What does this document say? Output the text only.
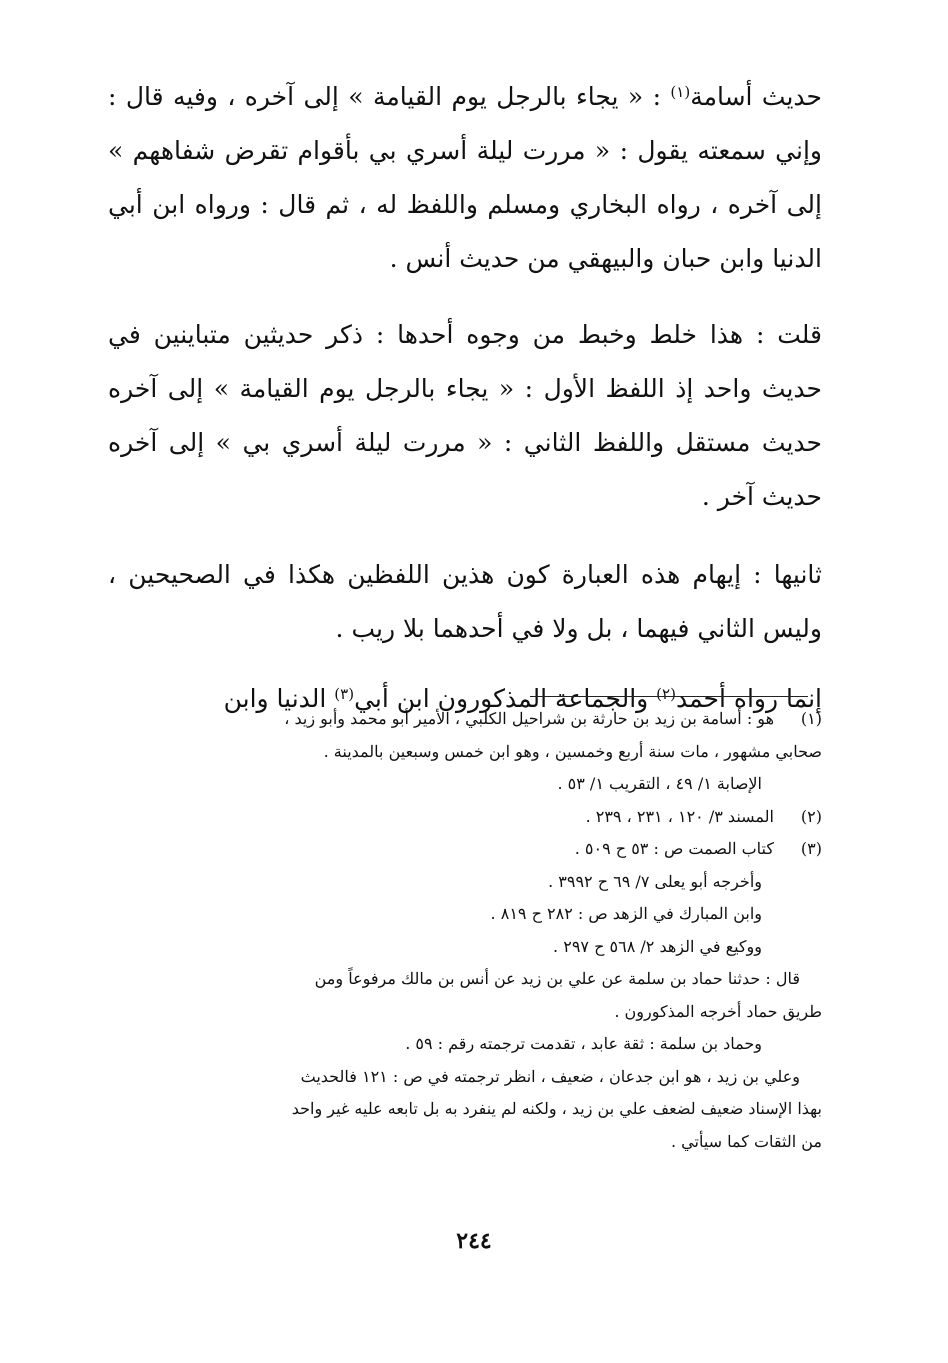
حديث أسامة$^{(١)}$ : « يجاء بالرجل يوم القيامة » إلى آخره ، وفيه قال : وإني سمعته يقول : « مررت ليلة أسري بي بأقوام تقرض شفاههم » إلى آخره ، رواه البخاري ومسلم واللفظ له ، ثم قال : ورواه ابن أبي الدنيا وابن حبان والبيهقي من حديث أنس .

قلت : هذا خلط وخبط من وجوه أحدها : ذكر حديثين متباينين في حديث واحد إذ اللفظ الأول : « يجاء بالرجل يوم القيامة » إلى آخره حديث مستقل واللفظ الثاني : « مررت ليلة أسري بي » إلى آخره حديث آخر .

ثانيها : إيهام هذه العبارة كون هذين اللفظين هكذا في الصحيحين ، وليس الثاني فيهما ، بل ولا في أحدهما بلا ريب .

إنما رواه أحمد$^{(٢)}$ والجماعة المذكورون ابن أبي$^{(٣)}$ الدنيا وابن

(١)
هو : أسامة بن زيد بن حارثة بن شراحيل الكلبي ، الأمير أبو محمد وأبو زيد ،
صحابي مشهور ، مات سنة أربع وخمسين ، وهو ابن خمس وسبعين بالمدينة .
الإصابة ١/ ٤٩ ، التقريب ١/ ٥٣ .
(٢)
المسند ٣/ ١٢٠ ، ٢٣١ ، ٢٣٩ .
(٣)
كتاب الصمت ص : ٥٣ ح ٥٠٩ .
وأخرجه أبو يعلى ٧/ ٦٩ ح ٣٩٩٢ .
وابن المبارك في الزهد ص : ٢٨٢ ح ٨١٩ .
ووكيع في الزهد ٢/ ٥٦٨ ح ٢٩٧ .
قال : حدثنا حماد بن سلمة عن علي بن زيد عن أنس بن مالك مرفوعاً ومن
طريق حماد أخرجه المذكورون .
وحماد بن سلمة : ثقة عابد ، تقدمت ترجمته رقم : ٥٩ .
وعلي بن زيد ، هو ابن جدعان ، ضعيف ، انظر ترجمته في ص : ١٢١ فالحديث
بهذا الإسناد ضعيف لضعف علي بن زيد ، ولكنه لم ينفرد به بل تابعه عليه غير واحد
من الثقات كما سيأتي .
٢٤٤
